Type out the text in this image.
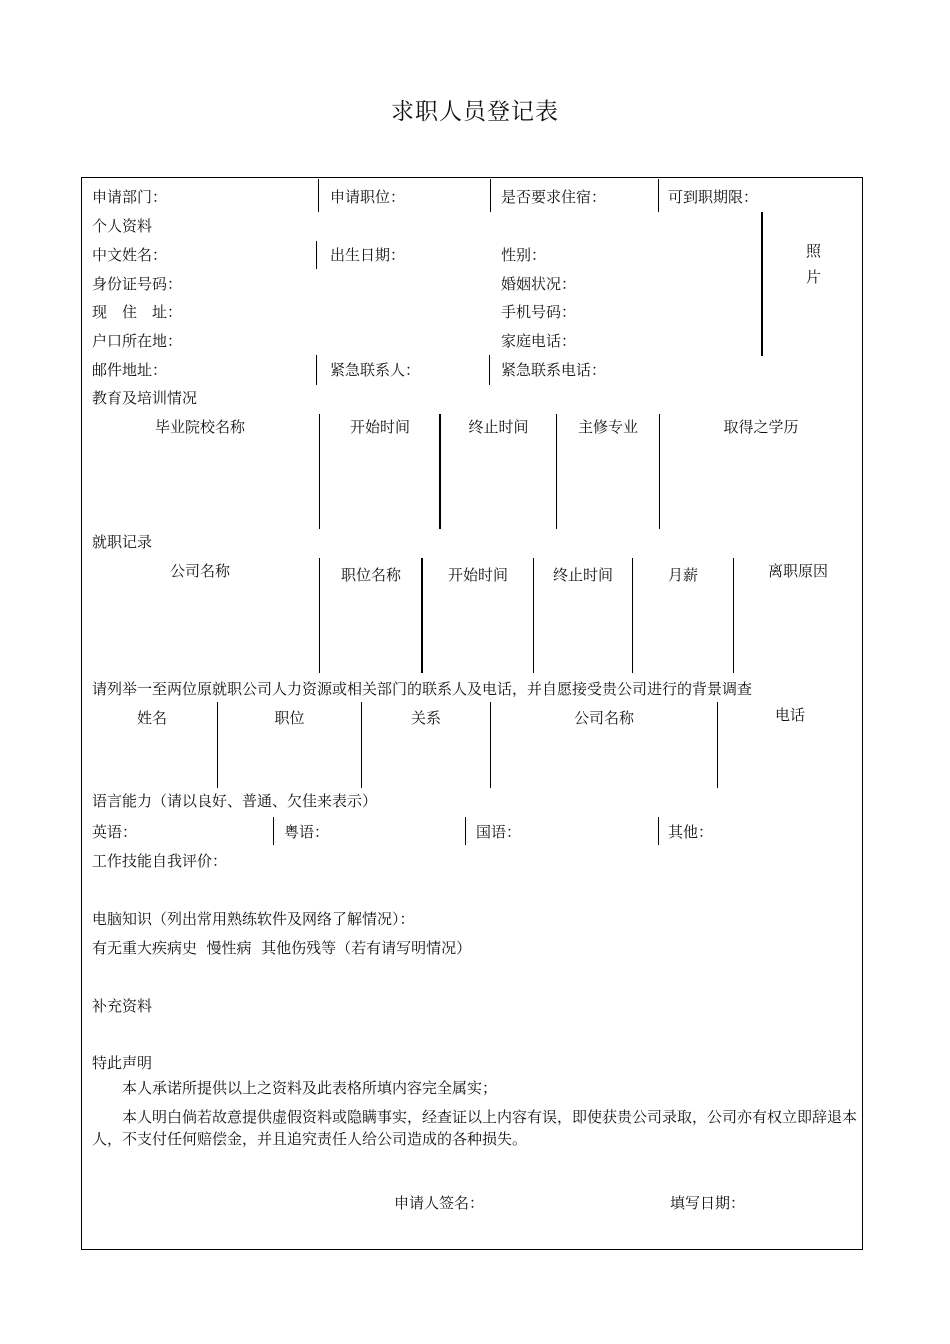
求职人员登记表
申请部门：	申请职位：	是否要求住宿：	可到职期限：
个人资料
中文姓名：	出生日期：	性别：	照
片
身份证号码：	婚姻状况：
现　住　址：	手机号码：
户口所在地：	家庭电话：
邮件地址：	紧急联系人：	紧急联系电话：
教育及培训情况
毕业院校名称	开始时间	终止时间	主修专业	取得之学历
就职记录
公司名称	职位名称	开始时间	终止时间	月薪	离职原因
请列举一至两位原就职公司人力资源或相关部门的联系人及电话，并自愿接受贵公司进行的背景调查
姓名	职位	关系	公司名称	电话
语言能力（请以良好、普通、欠佳来表示）
英语：	粤语：	国语：	其他：
工作技能自我评价：
电脑知识（列出常用熟练软件及网络了解情况）：
有无重大疾病史  慢性病  其他伤残等（若有请写明情况）
补充资料
特此声明
本人承诺所提供以上之资料及此表格所填内容完全属实；
本人明白倘若故意提供虚假资料或隐瞒事实，经查证以上内容有误，即使获贵公司录取，公司亦有权立即辞退本人，不支付任何赔偿金，并且追究责任人给公司造成的各种损失。
申请人签名：	填写日期：
